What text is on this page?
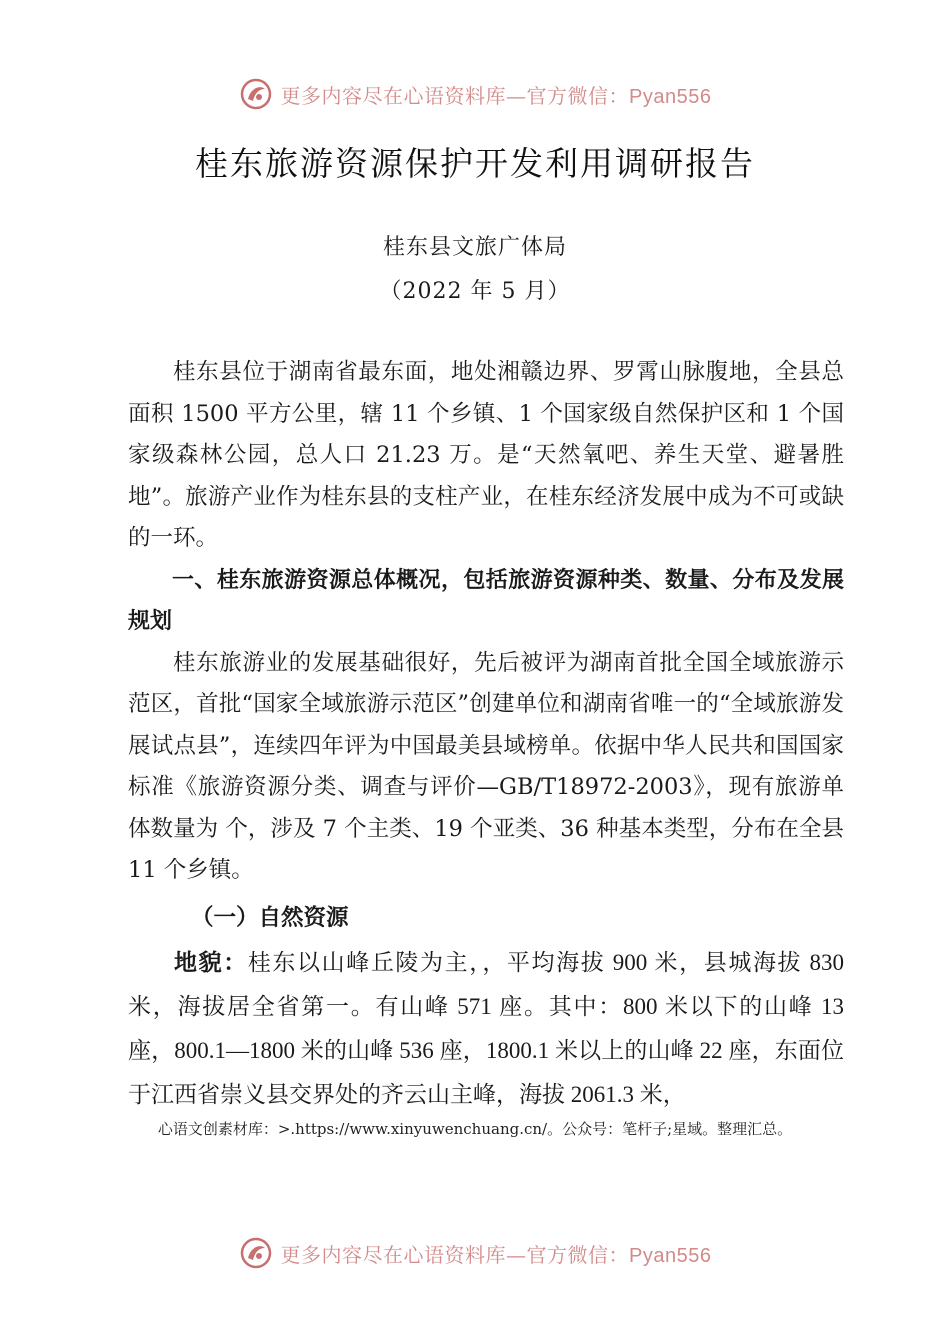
更多内容尽在心语资料库—官方微信：Pyan556
桂东旅游资源保护开发利用调研报告
桂东县文旅广体局
（2022 年 5 月）

桂东县位于湖南省最东面，地处湘赣边界、罗霄山脉腹地，全县总面积 1500 平方公里，辖 11 个乡镇、1 个国家级自然保护区和 1 个国家级森林公园，总人口 21.23 万。是“天然氧吧、养生天堂、避暑胜地”。旅游产业作为桂东县的支柱产业，在桂东经济发展中成为不可或缺的一环。

一、桂东旅游资源总体概况，包括旅游资源种类、数量、分布及发展规划

桂东旅游业的发展基础很好，先后被评为湖南首批全国全域旅游示范区，首批“国家全域旅游示范区”创建单位和湖南省唯一的“全域旅游发展试点县”，连续四年评为中国最美县域榜单。依据中华人民共和国国家标准《旅游资源分类、调查与评价—GB/T18972-2003》，现有旅游单体数量为 个，涉及 7 个主类、19 个亚类、36 种基本类型，分布在全县 11 个乡镇。

（一）自然资源

地貌：桂东以山峰丘陵为主，，平均海拔 900 米，县城海拔 830 米，海拔居全省第一。有山峰 571 座。其中：800 米以下的山峰 13 座，800.1—1800 米的山峰 536 座，1800.1 米以上的山峰 22 座，东面位于江西省崇义县交界处的齐云山主峰，海拔 2061.3 米，

心语文创素材库：>.https://www.xinyuwenchuang.cn/。公众号：笔杆子;星域。整理汇总。
更多内容尽在心语资料库—官方微信：Pyan556
